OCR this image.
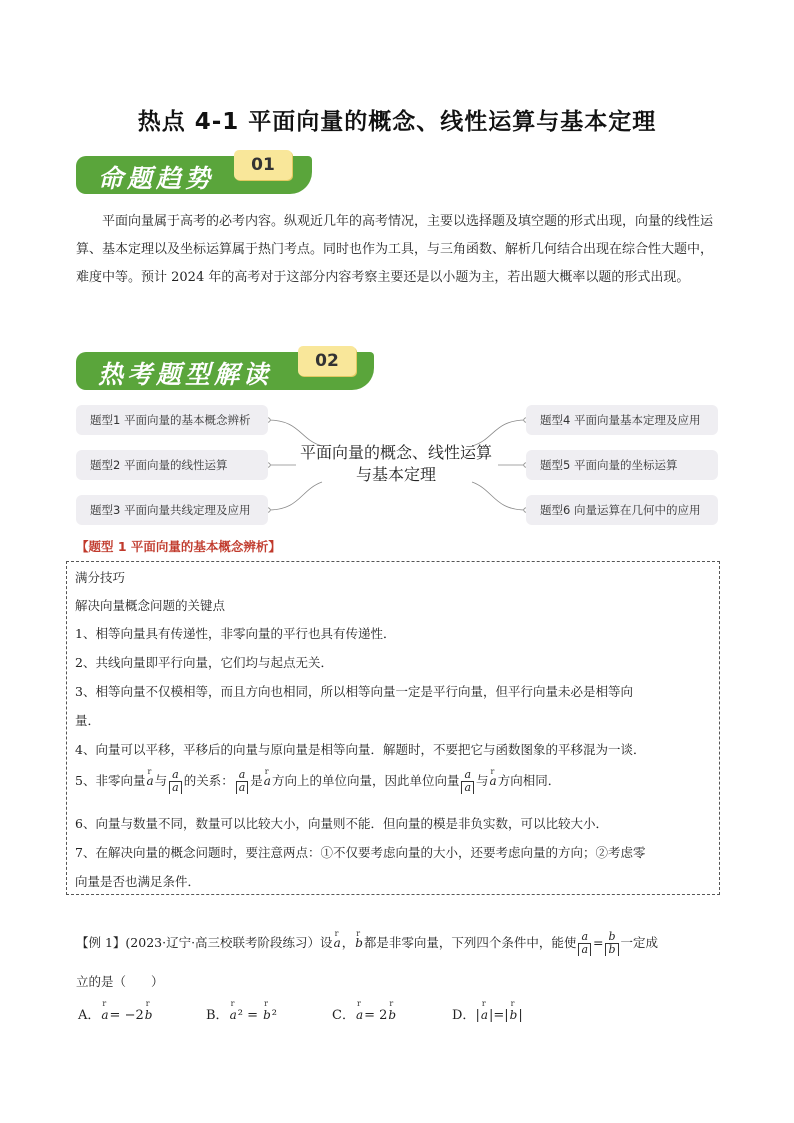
热点 4-1 平面向量的概念、线性运算与基本定理
命题趋势	01
平面向量属于高考的必考内容。纵观近几年的高考情况，主要以选择题及填空题的形式出现，向量的线性运算、基本定理以及坐标运算属于热门考点。同时也作为工具，与三角函数、解析几何结合出现在综合性大题中，难度中等。预计 2024 年的高考对于这部分内容考察主要还是以小题为主，若出题大概率以题的形式出现。
热考题型解读	02
题型1 平面向量的基本概念辨析
题型2 平面向量的线性运算
题型3 平面向量共线定理及应用
平面向量的概念、线性运算与基本定理
题型4 平面向量基本定理及应用
题型5 平面向量的坐标运算
题型6 向量运算在几何中的应用
【题型 1 平面向量的基本概念辨析】
满分技巧
解决向量概念问题的关键点
1、相等向量具有传递性，非零向量的平行也具有传递性．
2、共线向量即平行向量，它们均与起点无关．
3、相等向量不仅模相等，而且方向也相同，所以相等向量一定是平行向量，但平行向量未必是相等向
量．
4、向量可以平移，平移后的向量与原向量是相等向量．解题时，不要把它与函数图象的平移混为一谈．
5、非零向量r a与 $\frac{a}{a}$ 的关系： $\frac{a}{a}$ 是r a方向上的单位向量，因此单位向量 $\frac{a}{a}$ 与r a方向相同．
6、向量与数量不同，数量可以比较大小，向量则不能．但向量的模是非负实数，可以比较大小．
7、在解决向量的概念问题时，要注意两点：①不仅要考虑向量的大小，还要考虑向量的方向；②考虑零
向量是否也满足条件．
【例 1】(2023·辽宁·高三校联考阶段练习）设r a，r b都是非零向量，下列四个条件中，能使 $\frac{a}{a} = \frac{b}{b}$ 一定成
立的是（　　）
A．r a= −2r b	B．r a² = r b²	C．r a= 2r b	D．|r a|=|r b|
